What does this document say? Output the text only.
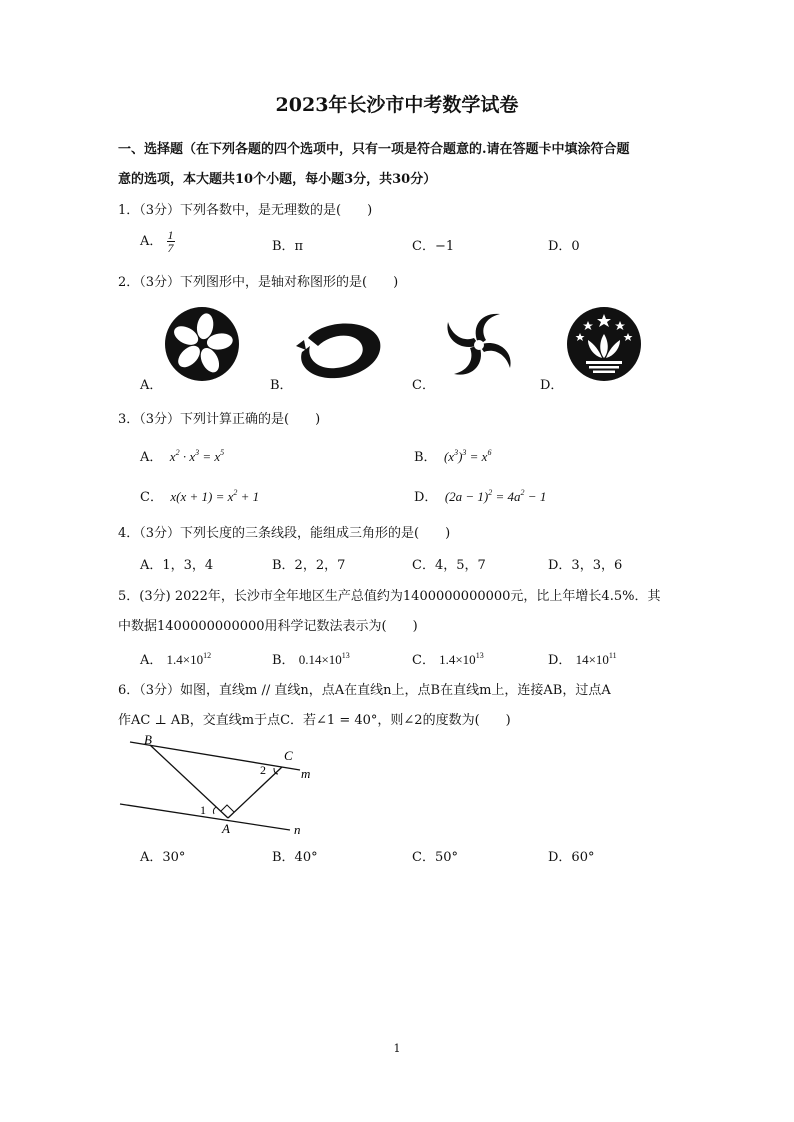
2023年长沙市中考数学试卷
一、选择题（在下列各题的四个选项中，只有一项是符合题意的.请在答题卡中填涂符合题
意的选项，本大题共10个小题，每小题3分，共30分）
1．（3分）下列各数中，是无理数的是(　　)
A． $\frac{1}{7}$	B．π	C．−1	D．0
2．（3分）下列图形中，是轴对称图形的是(　　)
A．	B．	C．	D．
3．（3分）下列计算正确的是(　　)
A．  $x^2 \cdot x^3 = x^5$	B．  $(x^3)^3 = x^6$
C．  $x(x + 1) = x^2 + 1$	D．  $(2a - 1)^2 = 4a^2 - 1$
4．（3分）下列长度的三条线段，能组成三角形的是(　　)
A．1，3，4	B．2，2，7	C．4，5，7	D．3，3，6
5．(3分) 2022年，长沙市全年地区生产总值约为1400000000000元，比上年增长4.5%．其
中数据1400000000000用科学记数法表示为(　　)
A． $1.4\times 10^{12}$	B． $0.14\times 10^{13}$	C． $1.4\times 10^{13}$	D． $14\times 10^{11}$
6．（3分）如图，直线m // 直线n，点A在直线n上，点B在直线m上，连接AB，过点A
作AC ⊥ AB，交直线m于点C．若∠1 = 40°，则∠2的度数为(　　)
B
C
m
n
A
1
2
A．30°	B．40°	C．50°	D．60°
1
